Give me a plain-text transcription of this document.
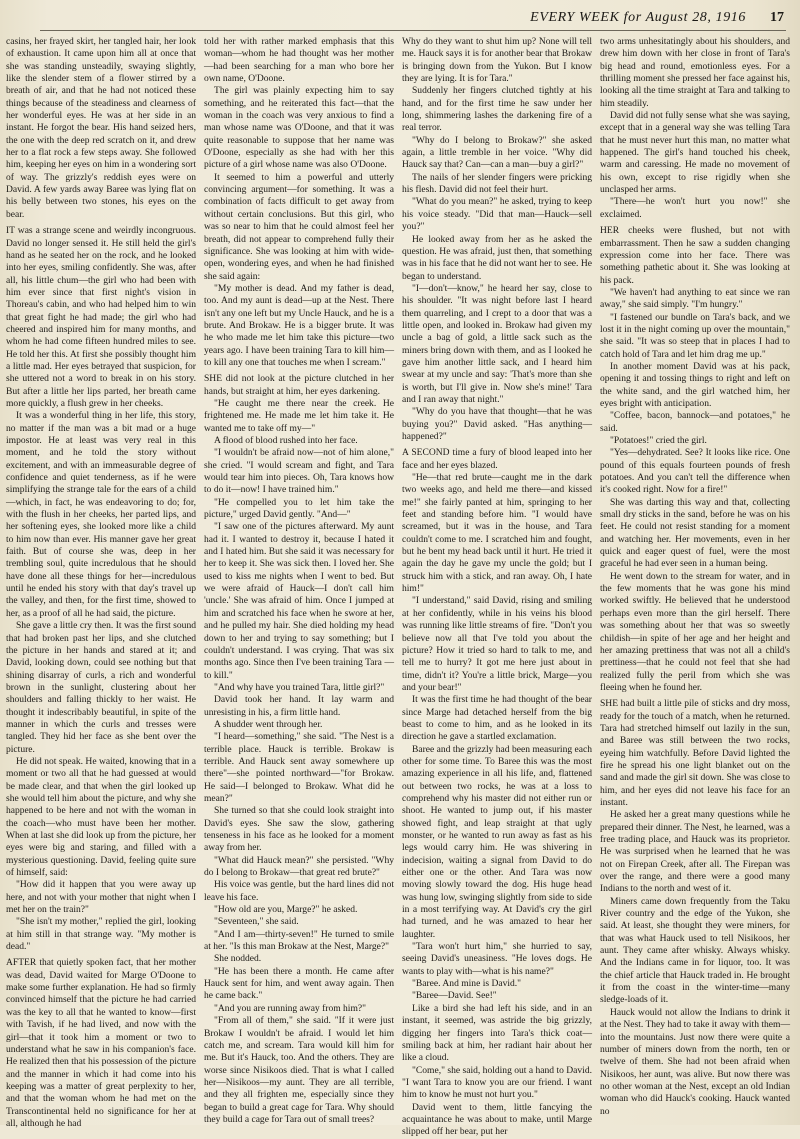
EVERY WEEK for August 28, 1916 17

casins, her frayed skirt, her tangled hair, her look of exhaustion. It came upon him all at once that she was standing unsteadily, swaying slightly, like the slender stem of a flower stirred by a breath of air, and that he had not noticed these things because of the steadiness and clearness of her wonderful eyes. He was at her side in an instant. He forgot the bear. His hand seized hers, the one with the deep red scratch on it, and drew her to a flat rock a few steps away. She followed him, keeping her eyes on him in a wondering sort of way. The grizzly's reddish eyes were on David. A few yards away Baree was lying flat on his belly between two stones, his eyes on the bear.

IT was a strange scene and weirdly incongruous. David no longer sensed it. He still held the girl's hand as he seated her on the rock, and he looked into her eyes, smiling confidently. She was, after all, his little chum—the girl who had been with him ever since that first night's vision in Thoreau's cabin, and who had helped him to win that great fight he had made; the girl who had cheered and inspired him for many months, and whom he had come fifteen hundred miles to see. He told her this. At first she possibly thought him a little mad. Her eyes betrayed that suspicion, for she uttered not a word to break in on his story. But after a little her lips parted, her breath came more quickly, a flush grew in her cheeks.

It was a wonderful thing in her life, this story, no matter if the man was a bit mad or a huge impostor. He at least was very real in this moment, and he told the story without excitement, and with an immeasurable degree of confidence and quiet tenderness, as if he were simplifying the strange tale for the ears of a child—which, in fact, he was endeavoring to do; for, with the flush in her cheeks, her parted lips, and her softening eyes, she looked more like a child to him now than ever. His manner gave her great faith. But of course she was, deep in her trembling soul, quite incredulous that he should have done all these things for her—incredulous until he ended his story with that day's travel up the valley, and then, for the first time, showed to her, as a proof of all he had said, the picture.

She gave a little cry then. It was the first sound that had broken past her lips, and she clutched the picture in her hands and stared at it; and David, looking down, could see nothing but that shining disarray of curls, a rich and wonderful brown in the sunlight, clustering about her shoulders and falling thickly to her waist. He thought it indescribably beautiful, in spite of the manner in which the curls and tresses were tangled. They hid her face as she bent over the picture.

He did not speak. He waited, knowing that in a moment or two all that he had guessed at would be made clear, and that when the girl looked up she would tell him about the picture, and why she happened to be here and not with the woman in the coach—who must have been her mother. When at last she did look up from the picture, her eyes were big and staring, and filled with a mysterious questioning. David, feeling quite sure of himself, said:

"How did it happen that you were away up here, and not with your mother that night when I met her on the train?"

"She isn't my mother," replied the girl, looking at him still in that strange way. "My mother is dead."

AFTER that quietly spoken fact, that her mother was dead, David waited for Marge O'Doone to make some further explanation. He had so firmly convinced himself that the picture he had carried was the key to all that he wanted to know—first with Tavish, if he had lived, and now with the girl—that it took him a moment or two to understand what he saw in his companion's face. He realized then that his possession of the picture and the manner in which it had come into his keeping was a matter of great perplexity to her, and that the woman whom he had met on the Transcontinental held no significance for her at all, although he had

told her with rather marked emphasis that this woman—whom he had thought was her mother—had been searching for a man who bore her own name, O'Doone.

The girl was plainly expecting him to say something, and he reiterated this fact—that the woman in the coach was very anxious to find a man whose name was O'Doone, and that it was quite reasonable to suppose that her name was O'Doone, especially as she had with her this picture of a girl whose name was also O'Doone.

It seemed to him a powerful and utterly convincing argument—for something. It was a combination of facts difficult to get away from without certain conclusions. But this girl, who was so near to him that he could almost feel her breath, did not appear to comprehend fully their significance. She was looking at him with wide-open, wondering eyes, and when he had finished she said again:

"My mother is dead. And my father is dead, too. And my aunt is dead—up at the Nest. There isn't any one left but my Uncle Hauck, and he is a brute. And Brokaw. He is a bigger brute. It was he who made me let him take this picture—two years ago. I have been training Tara to kill him—to kill any one that touches me when I scream."

SHE did not look at the picture clutched in her hands, but straight at him, her eyes darkening.

"He caught me there near the creek. He frightened me. He made me let him take it. He wanted me to take off my—"

A flood of blood rushed into her face.

"I wouldn't be afraid now—not of him alone," she cried. "I would scream and fight, and Tara would tear him into pieces. Oh, Tara knows how to do it—now! I have trained him."

"He compelled you to let him take the picture," urged David gently. "And—"

"I saw one of the pictures afterward. My aunt had it. I wanted to destroy it, because I hated it and I hated him. But she said it was necessary for her to keep it. She was sick then. I loved her. She used to kiss me nights when I went to bed. But we were afraid of Hauck—I don't call him 'uncle.' She was afraid of him. Once I jumped at him and scratched his face when he swore at her, and he pulled my hair. She died holding my head down to her and trying to say something; but I couldn't understand. I was crying. That was six months ago. Since then I've been training Tara —to kill."

"And why have you trained Tara, little girl?"

David took her hand. It lay warm and unresisting in his, a firm little hand.

A shudder went through her.

"I heard—something," she said. "The Nest is a terrible place. Hauck is terrible. Brokaw is terrible. And Hauck sent away somewhere up there"—she pointed northward—"for Brokaw. He said—I belonged to Brokaw. What did he mean?"

She turned so that she could look straight into David's eyes. She saw the slow, gathering tenseness in his face as he looked for a moment away from her.

"What did Hauck mean?" she persisted. "Why do I belong to Brokaw—that great red brute?"

His voice was gentle, but the hard lines did not leave his face.

"How old are you, Marge?" he asked.

"Seventeen," she said.

"And I am—thirty-seven!" He turned to smile at her. "Is this man Brokaw at the Nest, Marge?"

She nodded.

"He has been there a month. He came after Hauck sent for him, and went away again. Then he came back."

"And you are running away from him?"

"From all of them," she said. "If it were just Brokaw I wouldn't be afraid. I would let him catch me, and scream. Tara would kill him for me. But it's Hauck, too. And the others. They are worse since Nisikoos died. That is what I called her—Nisikoos—my aunt. They are all terrible, and they all frighten me, especially since they began to build a great cage for Tara. Why should they build a cage for Tara out of small trees?

Why do they want to shut him up? None will tell me. Hauck says it is for another bear that Brokaw is bringing down from the Yukon. But I know they are lying. It is for Tara."

Suddenly her fingers clutched tightly at his hand, and for the first time he saw under her long, shimmering lashes the darkening fire of a real terror.

"Why do I belong to Brokaw?" she asked again, a little tremble in her voice. "Why did Hauck say that? Can—can a man—buy a girl?"

The nails of her slender fingers were pricking his flesh. David did not feel their hurt.

"What do you mean?" he asked, trying to keep his voice steady. "Did that man—Hauck—sell you?"

He looked away from her as he asked the question. He was afraid, just then, that something was in his face that he did not want her to see. He began to understand.

"I—don't—know," he heard her say, close to his shoulder. "It was night before last I heard them quarreling, and I crept to a door that was a little open, and looked in. Brokaw had given my uncle a bag of gold, a little sack such as the miners bring down with them, and as I looked he gave him another little sack, and I heard him swear at my uncle and say: 'That's more than she is worth, but I'll give in. Now she's mine!' Tara and I ran away that night."

"Why do you have that thought—that he was buying you?" David asked. "Has anything—happened?"

A SECOND time a fury of blood leaped into her face and her eyes blazed.

"He—that red brute—caught me in the dark two weeks ago, and held me there—and kissed me!" she fairly panted at him, springing to her feet and standing before him. "I would have screamed, but it was in the house, and Tara couldn't come to me. I scratched him and fought, but he bent my head back until it hurt. He tried it again the day he gave my uncle the gold; but I struck him with a stick, and ran away. Oh, I hate him!"

"I understand," said David, rising and smiling at her confidently, while in his veins his blood was running like little streams of fire. "Don't you believe now all that I've told you about the picture? How it tried so hard to talk to me, and tell me to hurry? It got me here just about in time, didn't it? You're a little brick, Marge—you and your bear!"

It was the first time he had thought of the bear since Marge had detached herself from the big beast to come to him, and as he looked in its direction he gave a startled exclamation.

Baree and the grizzly had been measuring each other for some time. To Baree this was the most amazing experience in all his life, and, flattened out between two rocks, he was at a loss to comprehend why his master did not either run or shoot. He wanted to jump out, if his master showed fight, and leap straight at that ugly monster, or he wanted to run away as fast as his legs would carry him. He was shivering in indecision, waiting a signal from David to do either one or the other. And Tara was now moving slowly toward the dog. His huge head was hung low, swinging slightly from side to side in a most terrifying way. At David's cry the girl had turned, and he was amazed to hear her laughter.

"Tara won't hurt him," she hurried to say, seeing David's uneasiness. "He loves dogs. He wants to play with—what is his name?"

"Baree. And mine is David."

"Baree—David. See!"

Like a bird she had left his side, and in an instant, it seemed, was astride the big grizzly, digging her fingers into Tara's thick coat—smiling back at him, her radiant hair about her like a cloud.

"Come," she said, holding out a hand to David. "I want Tara to know you are our friend. I want him to know he must not hurt you."

David went to them, little fancying the acquaintance he was about to make, until Marge slipped off her bear, put her

two arms unhesitatingly about his shoulders, and drew him down with her close in front of Tara's big head and round, emotionless eyes. For a thrilling moment she pressed her face against his, looking all the time straight at Tara and talking to him steadily.

David did not fully sense what she was saying, except that in a general way she was telling Tara that he must never hurt this man, no matter what happened. The girl's hand touched his cheek, warm and caressing. He made no movement of his own, except to rise rigidly when she unclasped her arms.

"There—he won't hurt you now!" she exclaimed.

HER cheeks were flushed, but not with embarrassment. Then he saw a sudden changing expression come into her face. There was something pathetic about it. She was looking at his pack.

"We haven't had anything to eat since we ran away," she said simply. "I'm hungry."

"I fastened our bundle on Tara's back, and we lost it in the night coming up over the mountain," she said. "It was so steep that in places I had to catch hold of Tara and let him drag me up."

In another moment David was at his pack, opening it and tossing things to right and left on the white sand, and the girl watched him, her eyes bright with anticipation.

"Coffee, bacon, bannock—and potatoes," he said.

"Potatoes!" cried the girl.

"Yes—dehydrated. See? It looks like rice. One pound of this equals fourteen pounds of fresh potatoes. And you can't tell the difference when it's cooked right. Now for a fire!"

She was darting this way and that, collecting small dry sticks in the sand, before he was on his feet. He could not resist standing for a moment and watching her. Her movements, even in her quick and eager quest of fuel, were the most graceful he had ever seen in a human being.

He went down to the stream for water, and in the few moments that he was gone his mind worked swiftly. He believed that he understood perhaps even more than the girl herself. There was something about her that was so sweetly childish—in spite of her age and her height and her amazing prettiness that was not all a child's prettiness—that he could not feel that she had realized fully the peril from which she was fleeing when he found her.

SHE had built a little pile of sticks and dry moss, ready for the touch of a match, when he returned. Tara had stretched himself out lazily in the sun, and Baree was still between the two rocks, eyeing him watchfully. Before David lighted the fire he spread his one light blanket out on the sand and made the girl sit down. She was close to him, and her eyes did not leave his face for an instant.

He asked her a great many questions while he prepared their dinner. The Nest, he learned, was a free trading place, and Hauck was its proprietor. He was surprised when he learned that he was not on Firepan Creek, after all. The Firepan was over the range, and there were a good many Indians to the north and west of it.

Miners came down frequently from the Taku River country and the edge of the Yukon, she said. At least, she thought they were miners, for that was what Hauck used to tell Nisikoos, her aunt. They came after whisky. Always whisky. And the Indians came in for liquor, too. It was the chief article that Hauck traded in. He brought it from the coast in the winter-time—many sledge-loads of it.

Hauck would not allow the Indians to drink it at the Nest. They had to take it away with them—into the mountains. Just now there were quite a number of miners down from the north, ten or twelve of them. She had not been afraid when Nisikoos, her aunt, was alive. But now there was no other woman at the Nest, except an old Indian woman who did Hauck's cooking. Hauck wanted no
